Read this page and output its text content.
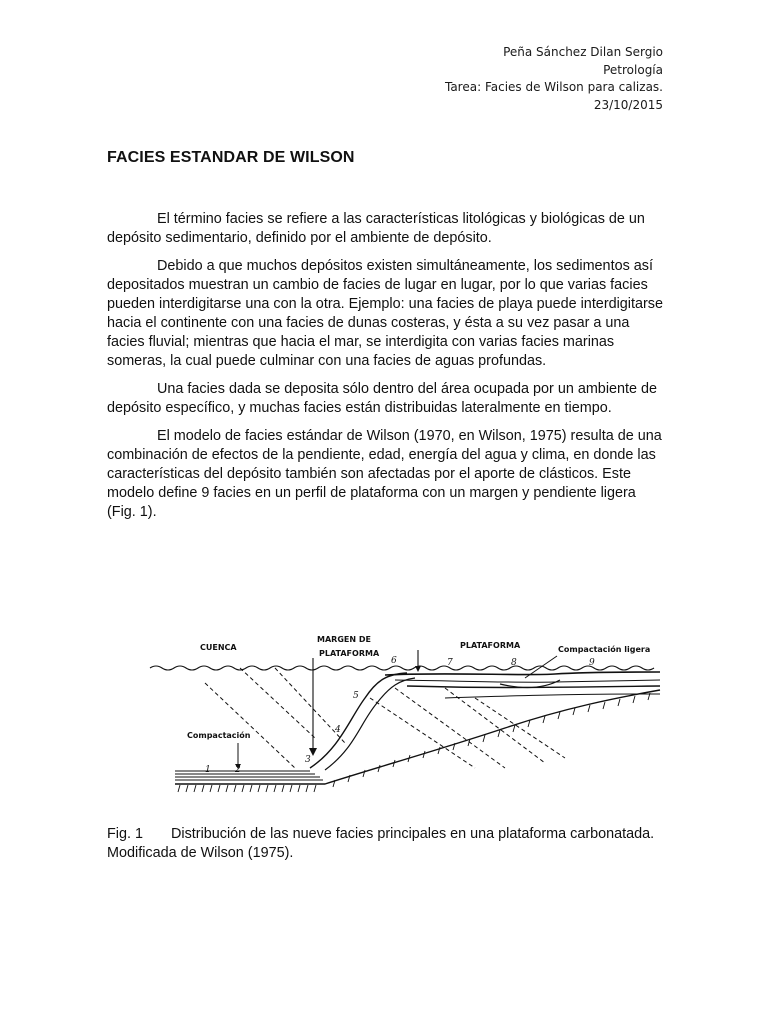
Peña Sánchez Dilan Sergio
Petrología
Tarea: Facies de Wilson para calizas.
23/10/2015
FACIES ESTANDAR DE WILSON

El término facies se refiere a las características litológicas y biológicas de un depósito sedimentario, definido por el ambiente de depósito.

Debido a que muchos depósitos existen simultáneamente, los sedimentos así depositados muestran un cambio de facies de lugar en lugar, por lo que varias facies pueden interdigitarse una con la otra. Ejemplo: una facies de playa puede interdigitarse hacia el continente con una facies de dunas costeras, y ésta a su vez pasar a una facies fluvial; mientras que hacia el mar, se interdigita con varias facies marinas someras, la cual puede culminar con una facies de aguas profundas.

Una facies dada se deposita sólo dentro del área ocupada por un ambiente de depósito específico, y muchas facies están distribuidas lateralmente en tiempo.

El modelo de facies estándar de Wilson (1970, en Wilson, 1975) resulta de una combinación de efectos de la pendiente, edad, energía del agua y clima, en donde las características del depósito también son afectadas por el aporte de clásticos. Este modelo define 9 facies en un perfil de plataforma con un margen y pendiente ligera (Fig. 1).

CUENCA
MARGEN DE
PLATAFORMA
PLATAFORMA	Compactación ligera
Compactación
1	2
3
4
5
6	7	8	9
Fig. 1 Distribución de las nueve facies principales en una plataforma carbonatada. Modificada de Wilson (1975).
